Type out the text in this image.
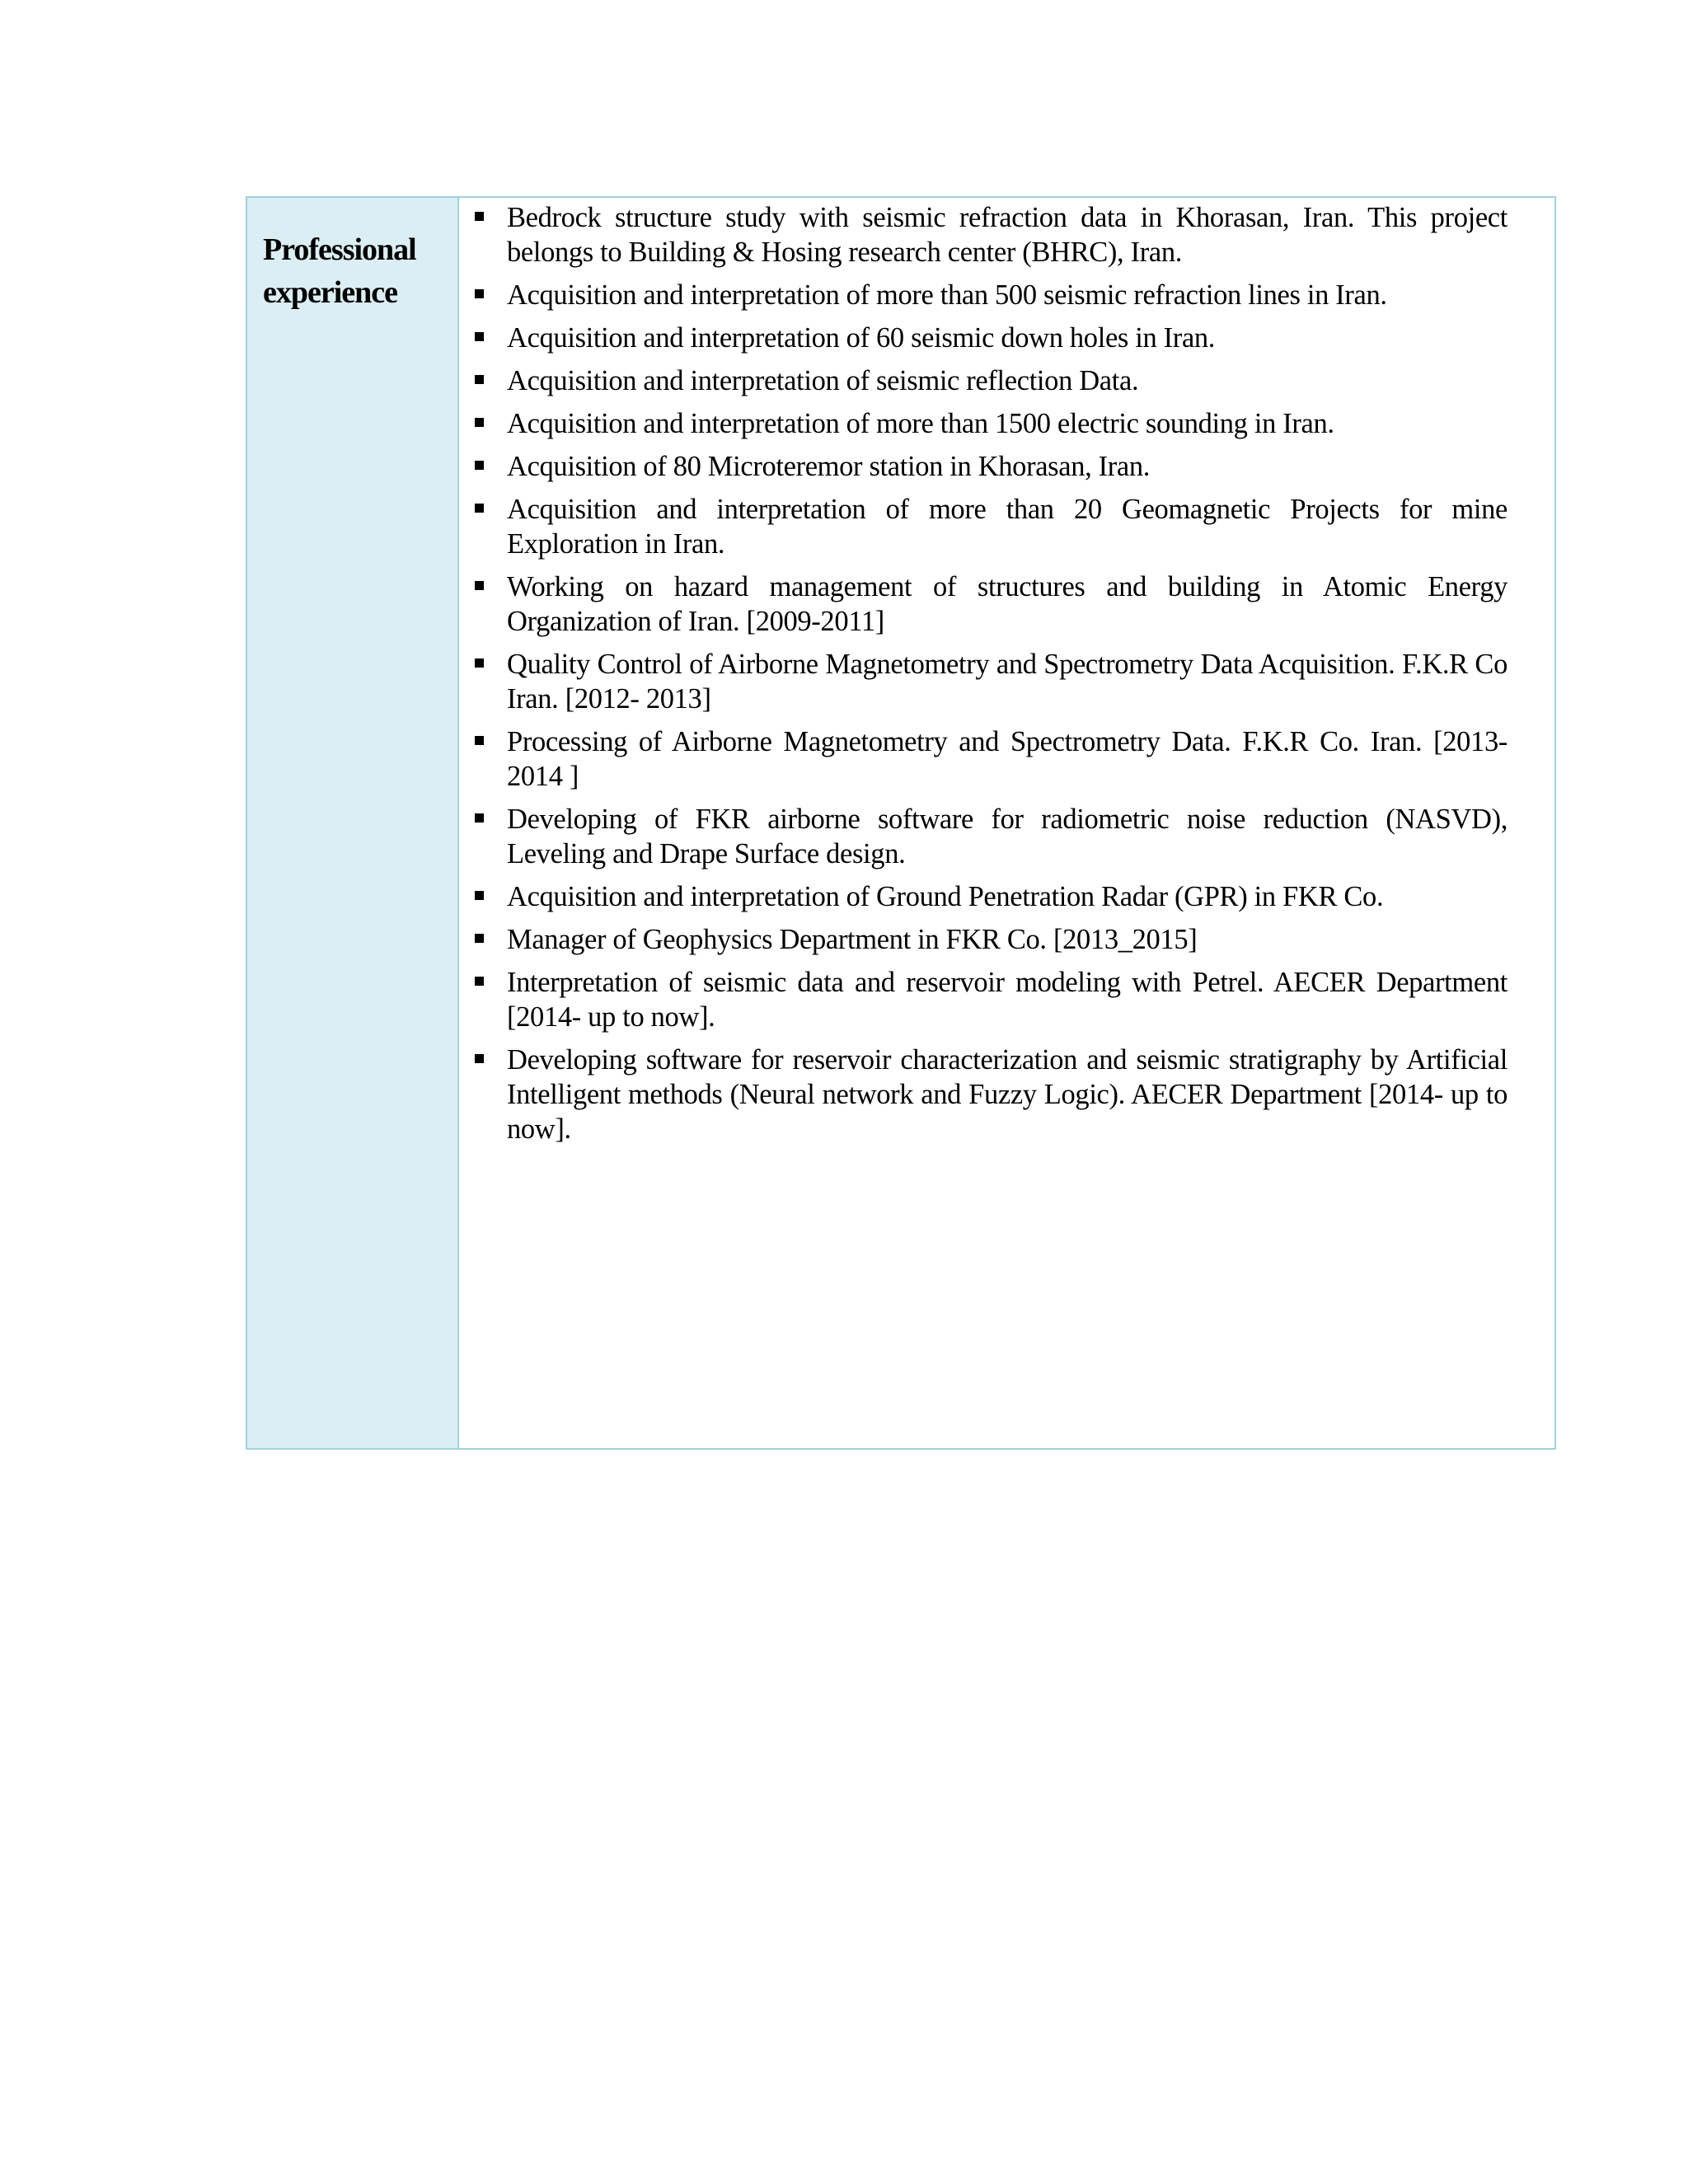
Professional experience

Bedrock structure study with seismic refraction data in Khorasan, Iran. This project belongs to Building & Hosing research center (BHRC), Iran.
Acquisition and interpretation of more than 500 seismic refraction lines in Iran.
Acquisition and interpretation of 60 seismic down holes in Iran.
Acquisition and interpretation of seismic reflection Data.
Acquisition and interpretation of more than 1500 electric sounding in Iran.
Acquisition of 80 Microteremor station in Khorasan, Iran.
Acquisition and interpretation of more than 20 Geomagnetic Projects for mine Exploration in Iran.
Working on hazard management of structures and building in Atomic Energy Organization of Iran. [2009-2011]
Quality Control of Airborne Magnetometry and Spectrometry Data Acquisition. F.K.R Co Iran. [2012- 2013]
Processing of Airborne Magnetometry and Spectrometry Data. F.K.R Co. Iran. [2013- 2014 ]
Developing of FKR airborne software for radiometric noise reduction (NASVD), Leveling and Drape Surface design.
Acquisition and interpretation of Ground Penetration Radar (GPR) in FKR Co.
Manager of Geophysics Department in FKR Co. [2013_2015]
Interpretation of seismic data and reservoir modeling with Petrel. AECER Department [2014- up to now].
Developing software for reservoir characterization and seismic stratigraphy by Artificial Intelligent methods (Neural network and Fuzzy Logic). AECER Department [2014- up to now].
